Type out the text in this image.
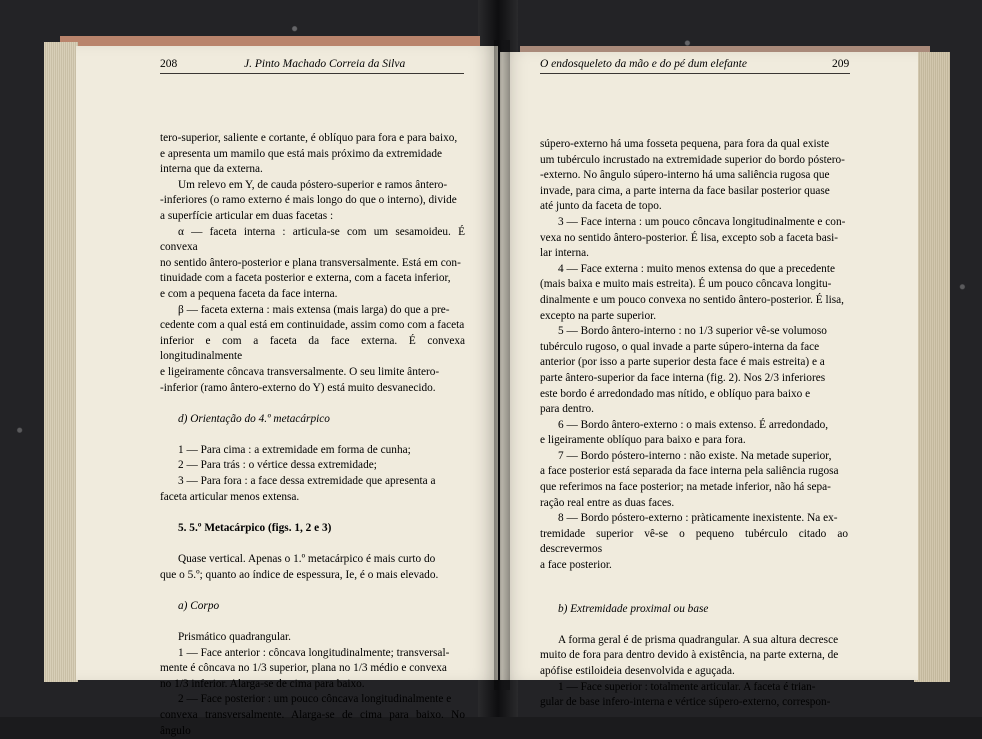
208	J. Pinto Machado Correia da Silva

tero-superior, saliente e cortante, é oblíquo para fora e para baixo,

e apresenta um mamilo que está mais próximo da extremidade

interna que da externa.

Um relevo em Y, de cauda póstero-superior e ramos ântero-

-inferiores (o ramo externo é mais longo do que o interno), divide

a superfície articular em duas facetas :

α — faceta interna : articula-se com um sesamoideu. É convexa

no sentido ântero-posterior e plana transversalmente. Está em con-

tinuidade com a faceta posterior e externa, com a faceta inferior,

e com a pequena faceta da face interna.

β — faceta externa : mais extensa (mais larga) do que a pre-

cedente com a qual está em continuidade, assim como com a faceta

inferior e com a faceta da face externa. É convexa longitudinalmente

e ligeiramente côncava transversalmente. O seu limite ântero-

-inferior (ramo ântero-externo do Y) está muito desvanecido.

d) Orientação do 4.º metacárpico

1 — Para cima : a extremidade em forma de cunha;

2 — Para trás : o vértice dessa extremidade;

3 — Para fora : a face dessa extremidade que apresenta a

faceta articular menos extensa.

5. 5.º Metacárpico (figs. 1, 2 e 3)

Quase vertical. Apenas o 1.º metacárpico é mais curto do

que o 5.º; quanto ao índice de espessura, Ie, é o mais elevado.

a) Corpo

Prismático quadrangular.

1 — Face anterior : côncava longitudinalmente; transversal-

mente é côncava no 1/3 superior, plana no 1/3 médio e convexa

no 1/3 inferior. Alarga-se de cima para baixo.

2 — Face posterior : um pouco côncava longitudinalmente e

convexa transversalmente. Alarga-se de cima para baixo. No ângulo

O endosqueleto da mão e do pé dum elefante	209

súpero-externo há uma fosseta pequena, para fora da qual existe

um tubérculo incrustado na extremidade superior do bordo póstero-

-externo. No ângulo súpero-interno há uma saliência rugosa que

invade, para cima, a parte interna da face basilar posterior quase

até junto da faceta de topo.

3 — Face interna : um pouco côncava longitudinalmente e con-

vexa no sentido ântero-posterior. É lisa, excepto sob a faceta basi-

lar interna.

4 — Face externa : muito menos extensa do que a precedente

(mais baixa e muito mais estreita). É um pouco côncava longitu-

dinalmente e um pouco convexa no sentido ântero-posterior. É lisa,

excepto na parte superior.

5 — Bordo ântero-interno : no 1/3 superior vê-se volumoso

tubérculo rugoso, o qual invade a parte súpero-interna da face

anterior (por isso a parte superior desta face é mais estreita) e a

parte ântero-superior da face interna (fig. 2). Nos 2/3 inferiores

este bordo é arredondado mas nítido, e oblíquo para baixo e

para dentro.

6 — Bordo ântero-externo : o mais extenso. É arredondado,

e ligeiramente oblíquo para baixo e para fora.

7 — Bordo póstero-interno : não existe. Na metade superior,

a face posterior está separada da face interna pela saliência rugosa

que referimos na face posterior; na metade inferior, não há sepa-

ração real entre as duas faces.

8 — Bordo póstero-externo : pràticamente inexistente. Na ex-

tremidade superior vê-se o pequeno tubérculo citado ao descrevermos

a face posterior.

b) Extremidade proximal ou base

A forma geral é de prisma quadrangular. A sua altura decresce

muito de fora para dentro devido à existência, na parte externa, de

apófise estiloideia desenvolvida e aguçada.

1 — Face superior : totalmente articular. A faceta é trian-

gular de base infero-interna e vértice súpero-externo, correspon-
